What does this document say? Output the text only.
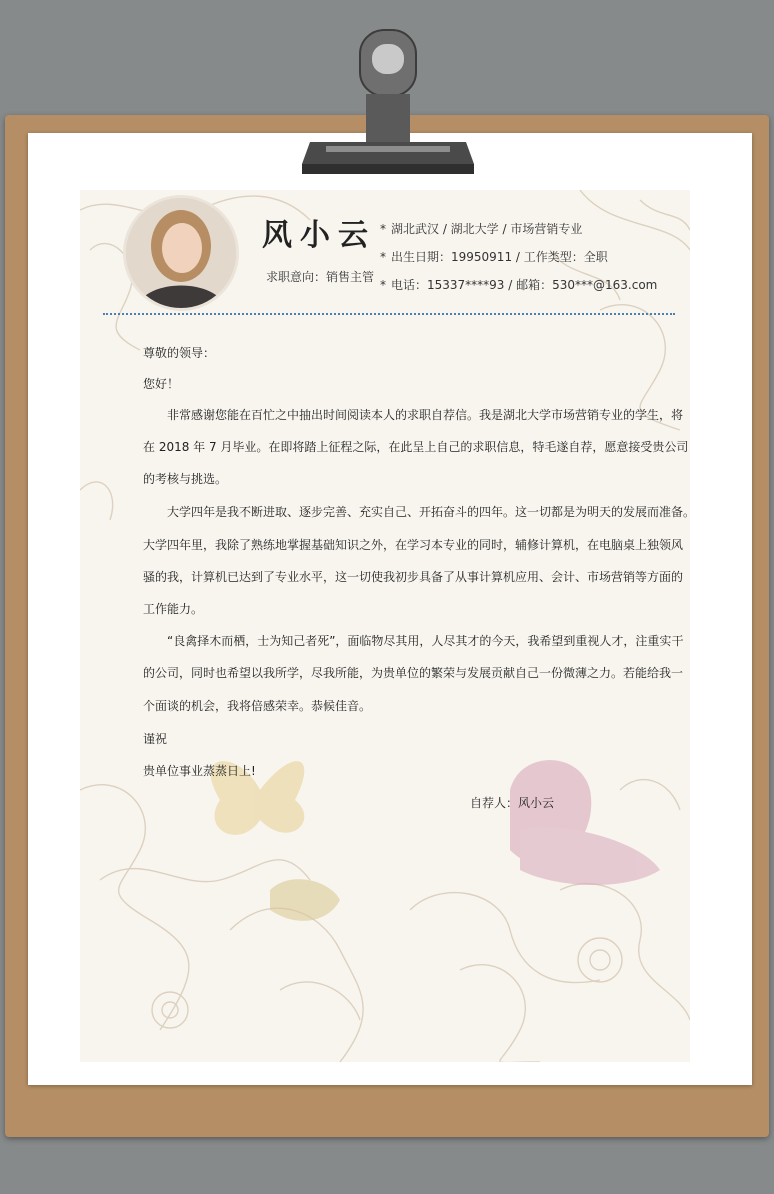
风小云
求职意向：销售主管
* 湖北武汉 / 湖北大学 / 市场营销专业
* 出生日期：19950911 / 工作类型：全职
* 电话：15337****93 / 邮箱：530***@163.com
尊敬的领导：
您好！
　　非常感谢您能在百忙之中抽出时间阅读本人的求职自荐信。我是湖北大学市场营销专业的学生，将
在 2018 年 7 月毕业。在即将踏上征程之际，在此呈上自己的求职信息，特毛遂自荐，愿意接受贵公司
的考核与挑选。
　　大学四年是我不断进取、逐步完善、充实自己、开拓奋斗的四年。这一切都是为明天的发展而准备。
大学四年里，我除了熟练地掌握基础知识之外，在学习本专业的同时，辅修计算机，在电脑桌上独领风
骚的我，计算机已达到了专业水平，这一切使我初步具备了从事计算机应用、会计、市场营销等方面的
工作能力。
　　“良禽择木而栖，士为知己者死”，面临物尽其用，人尽其才的今天，我希望到重视人才，注重实干
的公司，同时也希望以我所学，尽我所能，为贵单位的繁荣与发展贡献自己一份微薄之力。若能给我一
个面谈的机会，我将倍感荣幸。恭候佳音。
谨祝
贵单位事业蒸蒸日上!
自荐人：风小云
